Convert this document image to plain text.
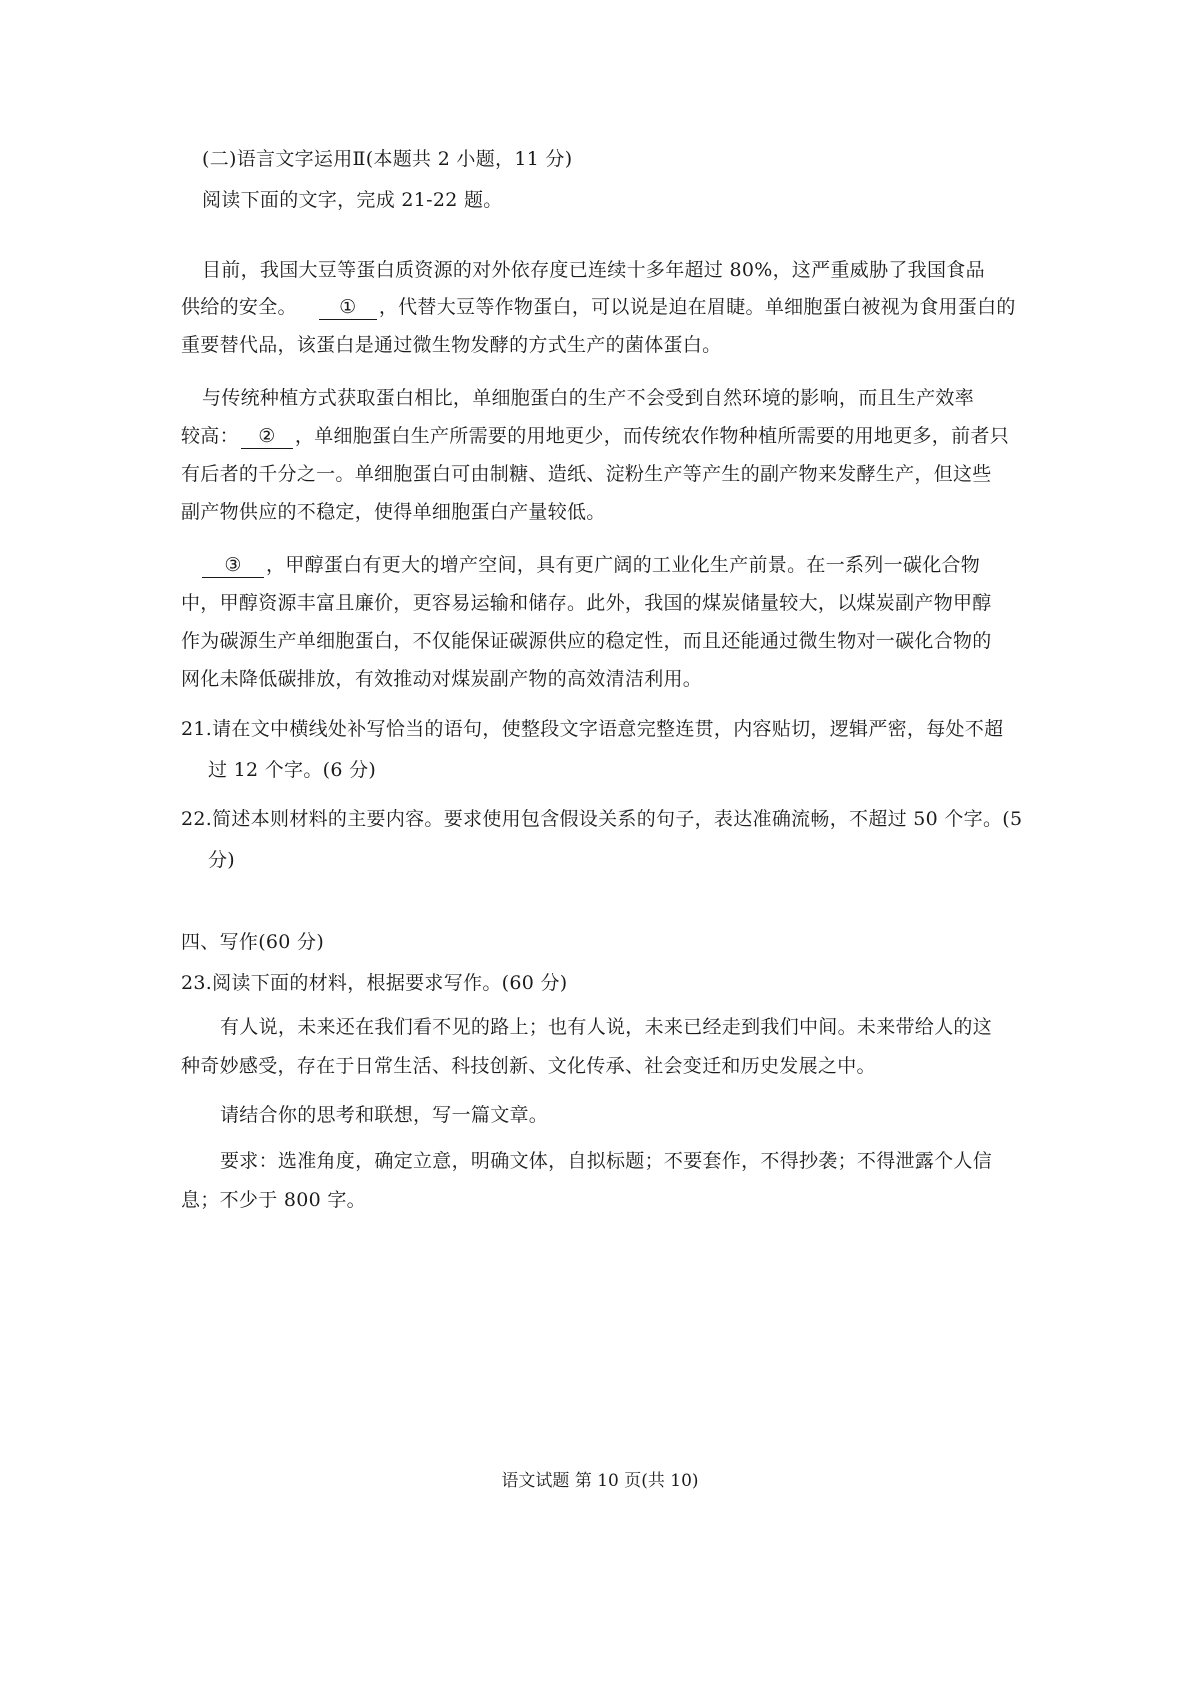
(二)语言文字运用Ⅱ(本题共 2 小题，11 分)
阅读下面的文字，完成 21-22 题。
目前，我国大豆等蛋白质资源的对外依存度已连续十多年超过 80%，这严重威胁了我国食品
供给的安全。 ① ，代替大豆等作物蛋白，可以说是迫在眉睫。单细胞蛋白被视为食用蛋白的
重要替代品，该蛋白是通过微生物发酵的方式生产的菌体蛋白。
与传统种植方式获取蛋白相比，单细胞蛋白的生产不会受到自然环境的影响，而且生产效率
较高： ② ，单细胞蛋白生产所需要的用地更少，而传统农作物种植所需要的用地更多，前者只
有后者的千分之一。单细胞蛋白可由制糖、造纸、淀粉生产等产生的副产物来发酵生产，但这些
副产物供应的不稳定，使得单细胞蛋白产量较低。
③ ，甲醇蛋白有更大的增产空间，具有更广阔的工业化生产前景。在一系列一碳化合物
中，甲醇资源丰富且廉价，更容易运输和储存。此外，我国的煤炭储量较大，以煤炭副产物甲醇
作为碳源生产单细胞蛋白，不仅能保证碳源供应的稳定性，而且还能通过微生物对一碳化合物的
网化未降低碳排放，有效推动对煤炭副产物的高效清洁利用。
21.请在文中横线处补写恰当的语句，使整段文字语意完整连贯，内容贴切，逻辑严密，每处不超
过 12 个字。(6 分)
22.简述本则材料的主要内容。要求使用包含假设关系的句子，表达准确流畅，不超过 50 个字。(5
分)
四、写作(60 分)
23.阅读下面的材料，根据要求写作。(60 分)
有人说，未来还在我们看不见的路上；也有人说，未来已经走到我们中间。未来带给人的这
种奇妙感受，存在于日常生活、科技创新、文化传承、社会变迁和历史发展之中。
请结合你的思考和联想，写一篇文章。
要求：选准角度，确定立意，明确文体，自拟标题；不要套作，不得抄袭；不得泄露个人信
息；不少于 800 字。
语文试题 第 10 页(共 10)
